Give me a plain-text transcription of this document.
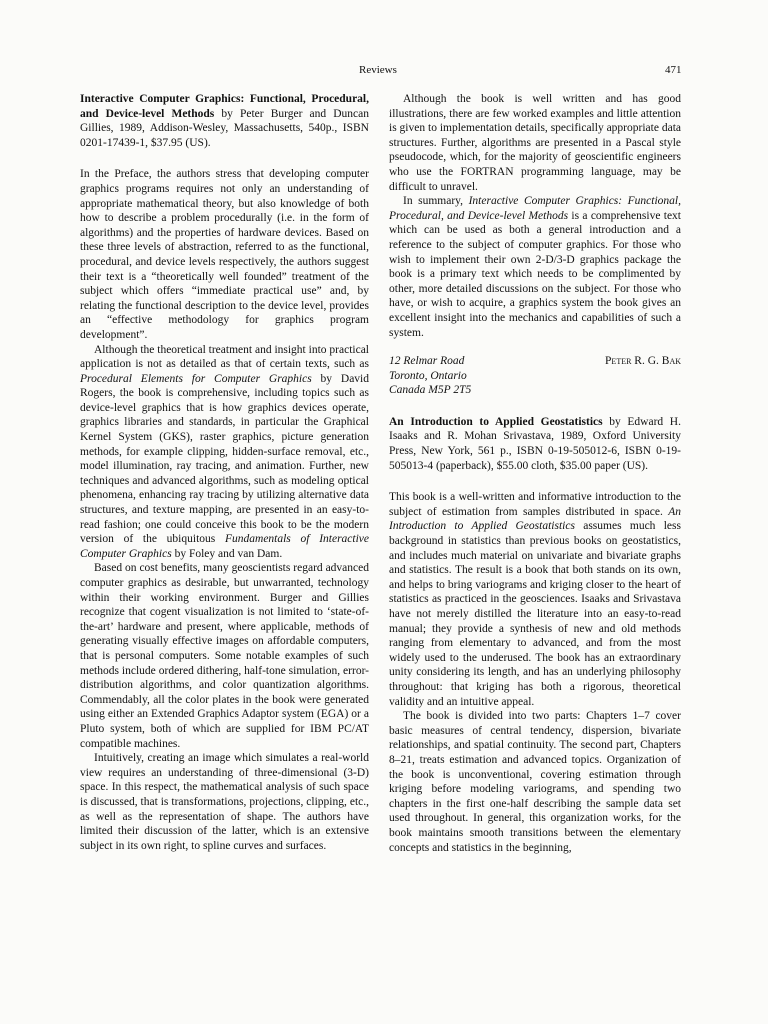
Reviews	471

Interactive Computer Graphics: Functional, Procedural, and Device-level Methods by Peter Burger and Duncan Gillies, 1989, Addison-Wesley, Massachusetts, 540p., ISBN 0201-17439-1, $37.95 (US).

In the Preface, the authors stress that developing computer graphics programs requires not only an understanding of appropriate mathematical theory, but also knowledge of both how to describe a problem procedurally (i.e. in the form of algorithms) and the properties of hardware devices. Based on these three levels of abstraction, referred to as the functional, procedural, and device levels respectively, the authors suggest their text is a “theoretically well founded” treatment of the subject which offers “immediate practical use” and, by relating the functional description to the device level, provides an “effective methodology for graphics program development”.

Although the theoretical treatment and insight into practical application is not as detailed as that of certain texts, such as Procedural Elements for Computer Graphics by David Rogers, the book is comprehensive, including topics such as device-level graphics that is how graphics devices operate, graphics libraries and standards, in particular the Graphical Kernel System (GKS), raster graphics, picture generation methods, for example clipping, hidden-surface removal, etc., model illumination, ray tracing, and animation. Further, new techniques and advanced algorithms, such as modeling optical phenomena, enhancing ray tracing by utilizing alternative data structures, and texture mapping, are presented in an easy-to-read fashion; one could conceive this book to be the modern version of the ubiquitous Fundamentals of Interactive Computer Graphics by Foley and van Dam.

Based on cost benefits, many geoscientists regard advanced computer graphics as desirable, but unwarranted, technology within their working environment. Burger and Gillies recognize that cogent visualization is not limited to ‘state-of-the-art’ hardware and present, where applicable, methods of generating visually effective images on affordable computers, that is personal computers. Some notable examples of such methods include ordered dithering, half-tone simulation, error-distribution algorithms, and color quantization algorithms. Commendably, all the color plates in the book were generated using either an Extended Graphics Adaptor system (EGA) or a Pluto system, both of which are supplied for IBM PC/AT compatible machines.

Intuitively, creating an image which simulates a real-world view requires an understanding of three-dimensional (3-D) space. In this respect, the mathematical analysis of such space is discussed, that is transformations, projections, clipping, etc., as well as the representation of shape. The authors have limited their discussion of the latter, which is an extensive subject in its own right, to spline curves and surfaces.

Although the book is well written and has good illustrations, there are few worked examples and little attention is given to implementation details, specifically appropriate data structures. Further, algorithms are presented in a Pascal style pseudocode, which, for the majority of geoscientific engineers who use the FORTRAN programming language, may be difficult to unravel.

In summary, Interactive Computer Graphics: Functional, Procedural, and Device-level Methods is a comprehensive text which can be used as both a general introduction and a reference to the subject of computer graphics. For those who wish to implement their own 2-D/3-D graphics package the book is a primary text which needs to be complimented by other, more detailed discussions on the subject. For those who have, or wish to acquire, a graphics system the book gives an excellent insight into the mechanics and capabilities of such a system.

12 Relmar Road
Toronto, Ontario
Canada M5P 2T5
Peter R. G. Bak

An Introduction to Applied Geostatistics by Edward H. Isaaks and R. Mohan Srivastava, 1989, Oxford University Press, New York, 561 p., ISBN 0-19-505012-6, ISBN 0-19-505013-4 (paperback), $55.00 cloth, $35.00 paper (US).

This book is a well-written and informative introduction to the subject of estimation from samples distributed in space. An Introduction to Applied Geostatistics assumes much less background in statistics than previous books on geostatistics, and includes much material on univariate and bivariate graphs and statistics. The result is a book that both stands on its own, and helps to bring variograms and kriging closer to the heart of statistics as practiced in the geosciences. Isaaks and Srivastava have not merely distilled the literature into an easy-to-read manual; they provide a synthesis of new and old methods ranging from elementary to advanced, and from the most widely used to the underused. The book has an extraordinary unity considering its length, and has an underlying philosophy throughout: that kriging has both a rigorous, theoretical validity and an intuitive appeal.

The book is divided into two parts: Chapters 1–7 cover basic measures of central tendency, dispersion, bivariate relationships, and spatial continuity. The second part, Chapters 8–21, treats estimation and advanced topics. Organization of the book is unconventional, covering estimation through kriging before modeling variograms, and spending two chapters in the first one-half describing the sample data set used throughout. In general, this organization works, for the book maintains smooth transitions between the elementary concepts and statistics in the beginning,
